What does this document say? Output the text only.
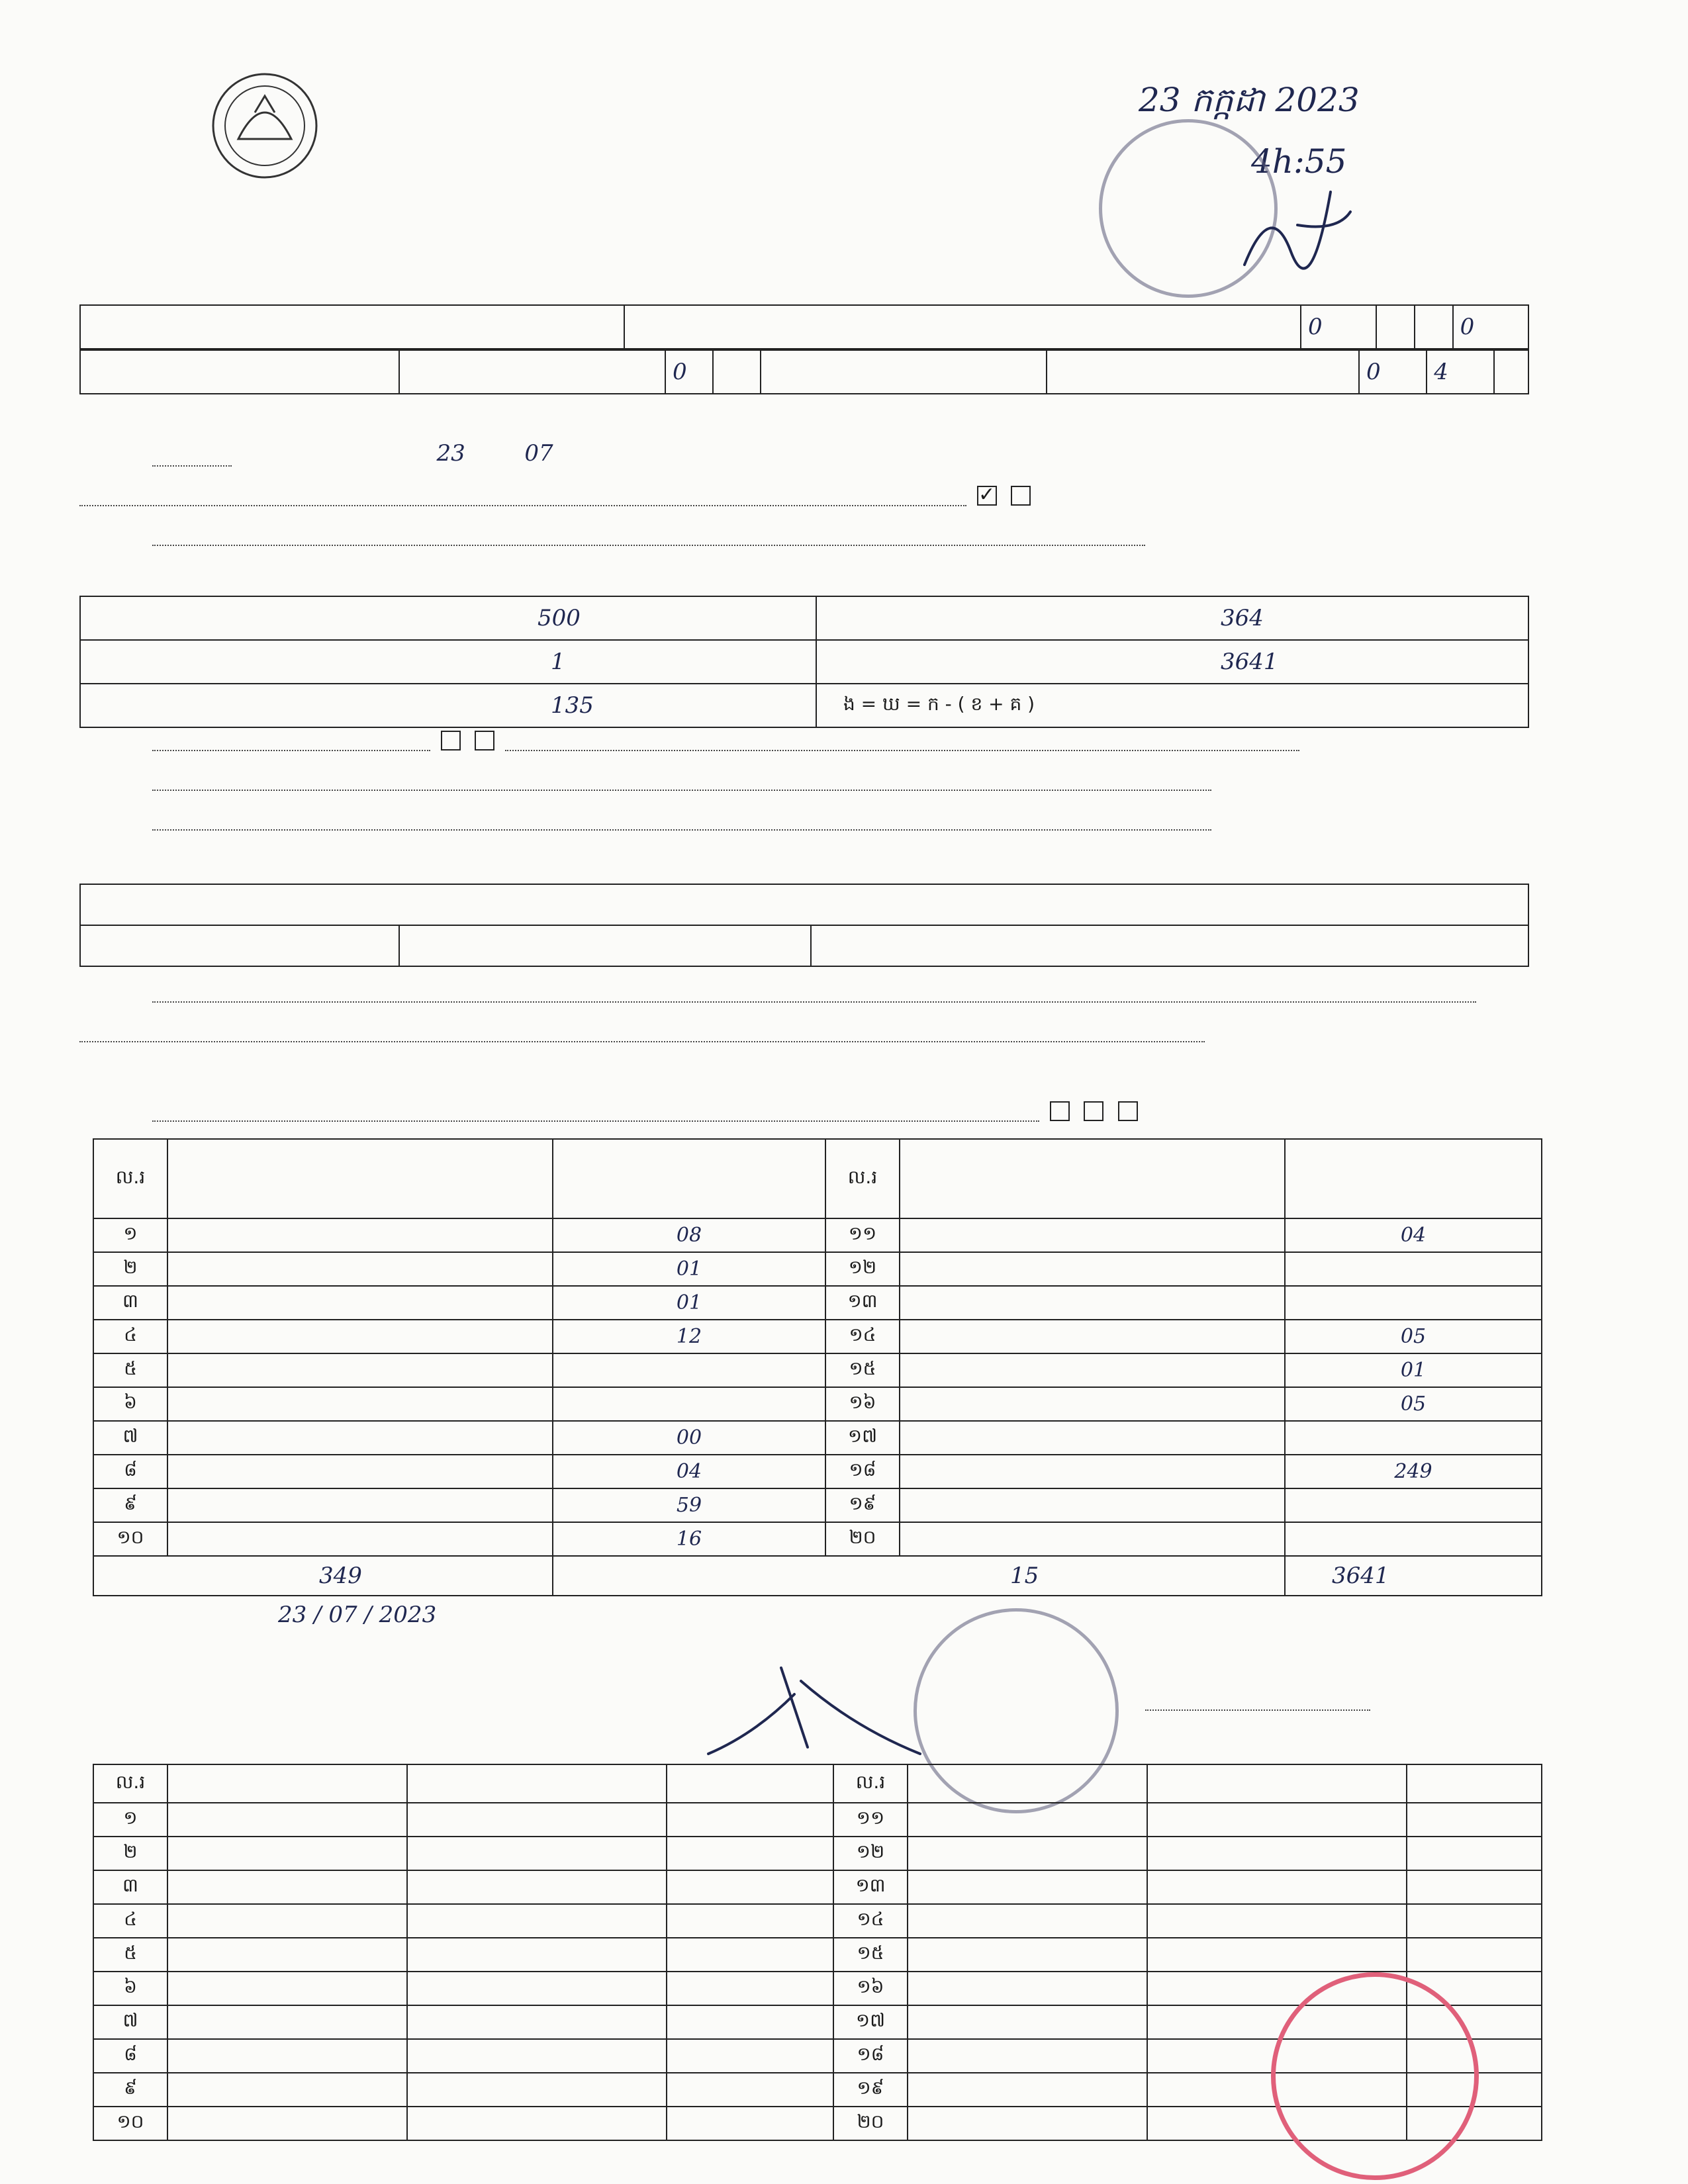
23 កក្កដា 2023
4h:55
		0			0
		0				0	4	
23	07
✓
500	364
1	3641
135	ង = ឃ = ក - ( ខ + គ )

ល.រ			ល.រ		
១		08	១១		04
២		01	១២		
៣		01	១៣		
៤		12	១៤		05
៥			១៥		01
៦			១៦		05
៧		00	១៧		
៨		04	១៨		249
៩		59	១៩		
១០		16	២០		
349		15			3641
23 / 07 / 2023
ល.រ				ល.រ			
១				១១			
២				១២			
៣				១៣			
៤				១៤			
៥				១៥			
៦				១៦			
៧				១៧			
៨				១៨			
៩				១៩			
១០				២០			
